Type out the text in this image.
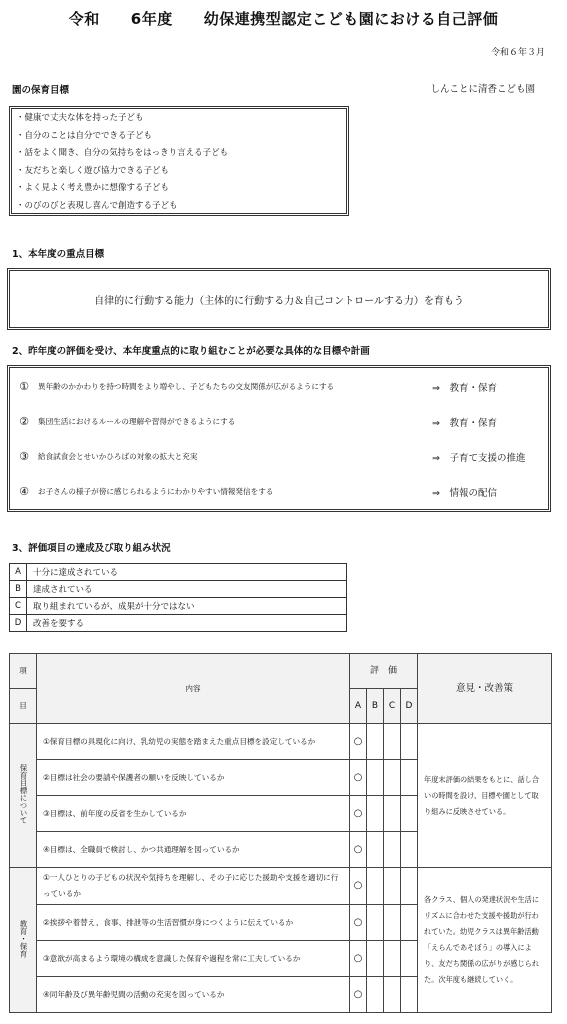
令和　　6年度　　幼保連携型認定こども園における自己評価
令和６年３月
園の保育目標	しんことに清香こども園
・健康で丈夫な体を持った子ども
・自分のことは自分でできる子ども
・話をよく聞き、自分の気持ちをはっきり言える子ども
・友だちと楽しく遊び協力できる子ども
・よく見よく考え豊かに想像する子ども
・のびのびと表現し喜んで創造する子ども
1、本年度の重点目標
自律的に行動する能力（主体的に行動する力＆自己コントロールする力）を育もう
2、昨年度の評価を受け、本年度重点的に取り組むことが必要な具体的な目標や計画
①	異年齢のかかわりを持つ時間をより増やし、子どもたちの交友関係が広がるようにする	⇒　教育・保育
②	集団生活におけるルールの理解や習得ができるようにする	⇒　教育・保育
③	給食試食会とせいかひろばの対象の拡大と充実	⇒　子育て支援の推進
④	お子さんの様子が傍に感じられるようにわかりやすい情報発信をする	⇒　情報の配信
3、評価項目の達成及び取り組み状況
A	十分に達成されている
B	達成されている
C	取り組まれているが、成果が十分ではない
D	改善を要する
項	内容	評　価				意見・改善策
目		A	B	C	D	
保育目標について	①保育目標の具現化に向け、乳幼児の実態を踏まえた重点目標を設定しているか	○				年度末評価の結果をもとに、話し合いの時間を設け、目標や園として取り組みに反映させている。
	②目標は社会の要請や保護者の願いを反映しているか	○				
	③目標は、前年度の反省を生かしているか	○				
	④目標は、全職員で検討し、かつ共通理解を図っているか	○				
教育・保育	①一人ひとりの子どもの状況や気持ちを理解し、その子に応じた援助や支援を適切に行っているか	○				各クラス、個人の発達状況や生活にリズムに合わせた支援や援助が行われていた。幼児クラスは異年齢活動「えらんであそぼう」の導入により、友だち関係の広がりが感じられた。次年度も継続していく。
	②挨拶や着替え、食事、排泄等の生活習慣が身につくように伝えているか	○				
	③意欲が高まるよう環境の構成を意識した保育や過程を常に工夫しているか	○				
	④同年齢及び異年齢児間の活動の充実を図っているか	○				
